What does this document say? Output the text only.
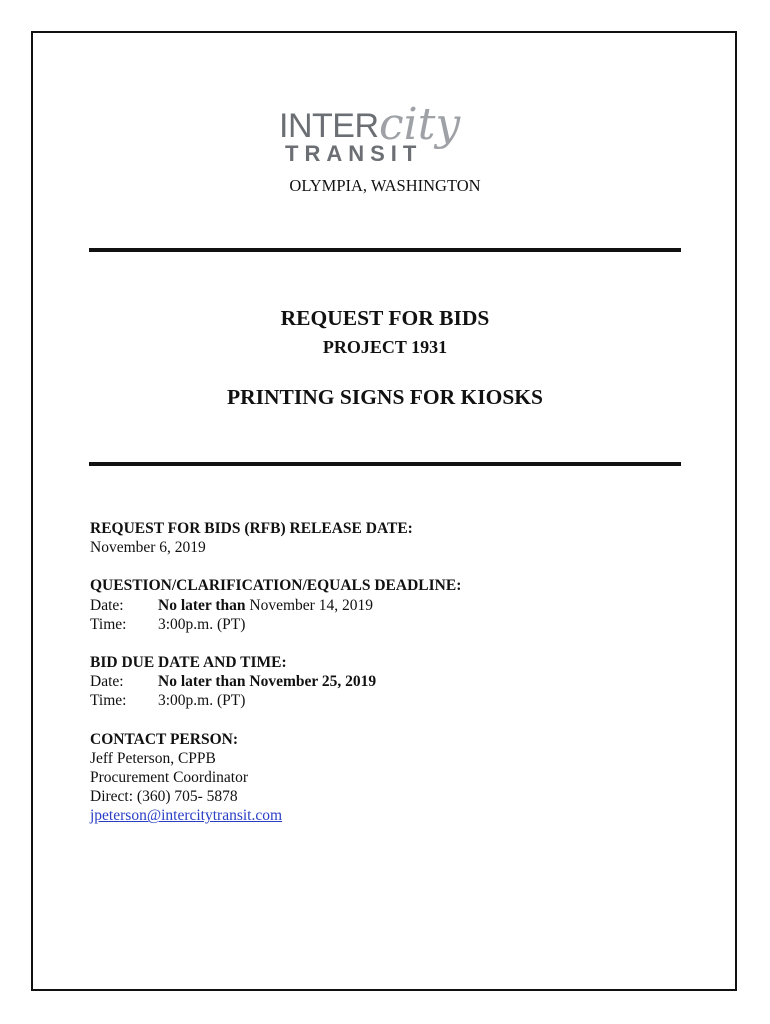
INTER city
TRANSIT
OLYMPIA, WASHINGTON
REQUEST FOR BIDS
PROJECT 1931
PRINTING SIGNS FOR KIOSKS
REQUEST FOR BIDS (RFB) RELEASE DATE:
November 6, 2019
QUESTION/CLARIFICATION/EQUALS DEADLINE:
Date:	No later than November 14, 2019
Time:	3:00p.m. (PT)
BID DUE DATE AND TIME:
Date:	No later than November 25, 2019
Time:	3:00p.m. (PT)
CONTACT PERSON:
Jeff Peterson, CPPB
Procurement Coordinator
Direct: (360) 705- 5878
jpeterson@intercitytransit.com
